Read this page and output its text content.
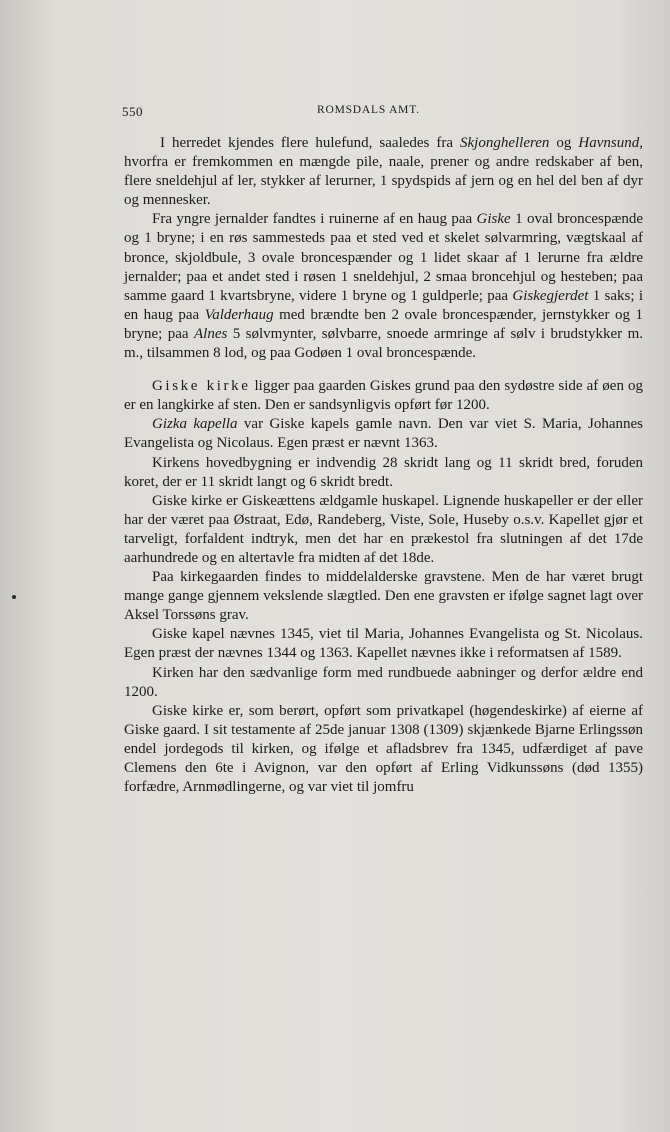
550	ROMSDALS AMT.

I herredet kjendes flere hulefund, saaledes fra Skjonghelleren og Havnsund, hvorfra er fremkommen en mængde pile, naale, prener og andre redskaber af ben, flere sneldehjul af ler, stykker af lerurner, 1 spydspids af jern og en hel del ben af dyr og mennesker.

Fra yngre jernalder fandtes i ruinerne af en haug paa Giske 1 oval broncespænde og 1 bryne; i en røs sammesteds paa et sted ved et skelet sølvarmring, vægtskaal af bronce, skjoldbule, 3 ovale broncespænder og 1 lidet skaar af 1 lerurne fra ældre jernalder; paa et andet sted i røsen 1 sneldehjul, 2 smaa broncehjul og hesteben; paa samme gaard 1 kvartsbryne, videre 1 bryne og 1 guldperle; paa Giskegjerdet 1 saks; i en haug paa Valderhaug med brændte ben 2 ovale broncespænder, jernstykker og 1 bryne; paa Alnes 5 sølvmynter, sølvbarre, snoede armringe af sølv i brudstykker m. m., tilsammen 8 lod, og paa Godøen 1 oval broncespænde.

Giske kirke ligger paa gaarden Giskes grund paa den sydøstre side af øen og er en langkirke af sten. Den er sandsynligvis opført før 1200.

Gizka kapella var Giske kapels gamle navn. Den var viet S. Maria, Johannes Evangelista og Nicolaus. Egen præst er nævnt 1363.

Kirkens hovedbygning er indvendig 28 skridt lang og 11 skridt bred, foruden koret, der er 11 skridt langt og 6 skridt bredt.

Giske kirke er Giskeættens ældgamle huskapel. Lignende huskapeller er der eller har der været paa Østraat, Edø, Randeberg, Viste, Sole, Huseby o.s.v. Kapellet gjør et tarveligt, forfaldent indtryk, men det har en prækestol fra slutningen af det 17de aarhundrede og en altertavle fra midten af det 18de.

Paa kirkegaarden findes to middelalderske gravstene. Men de har været brugt mange gange gjennem vekslende slægtled. Den ene gravsten er ifølge sagnet lagt over Aksel Torssøns grav.

Giske kapel nævnes 1345, viet til Maria, Johannes Evangelista og St. Nicolaus. Egen præst der nævnes 1344 og 1363. Kapellet nævnes ikke i reformatsen af 1589.

Kirken har den sædvanlige form med rundbuede aabninger og derfor ældre end 1200.

Giske kirke er, som berørt, opført som privatkapel (høgendeskirke) af eierne af Giske gaard. I sit testamente af 25de januar 1308 (1309) skjænkede Bjarne Erlingssøn endel jordegods til kirken, og ifølge et afladsbrev fra 1345, udfærdiget af pave Clemens den 6te i Avignon, var den opført af Erling Vidkunssøns (død 1355) forfædre, Arnmødlingerne, og var viet til jomfru
